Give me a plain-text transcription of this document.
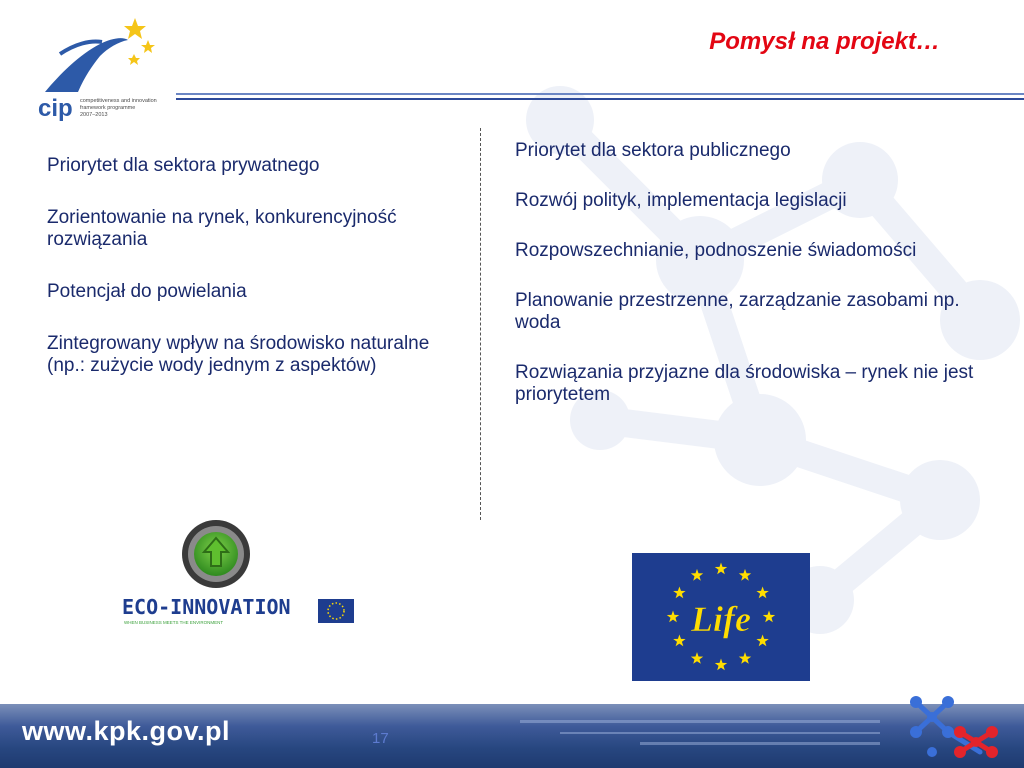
cip competitiveness and innovation
framework programme
2007–2013
Pomysł na projekt…

Priorytet dla sektora prywatnego

Zorientowanie na rynek, konkurencyjność rozwiązania

Potencjał do powielania

Zintegrowany wpływ na środowisko naturalne (np.: zużycie wody jednym z aspektów)

Priorytet dla sektora publicznego

Rozwój polityk, implementacja legislacji

Rozpowszechnianie, podnoszenie świadomości

Planowanie przestrzenne, zarządzanie zasobami np. woda

Rozwiązania przyjazne dla środowiska – rynek nie jest priorytetem

ECO-INNOVATION
WHEN BUSINESS MEETS THE ENVIRONMENT	Life
www.kpk.gov.pl	17
